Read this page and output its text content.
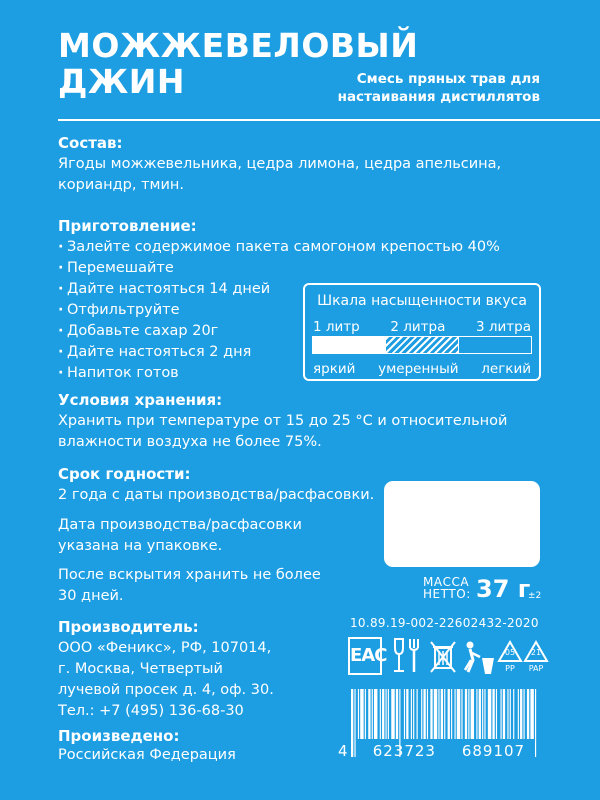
МОЖЖЕВЕЛОВЫЙ
ДЖИН	Смесь пряных трав для
настаивания дистиллятов
Состав:
Ягоды можжевельника, цедра лимона, цедра апельсина,
кориандр, тмин.
Приготовление:
· Залейте содержимое пакета самогоном крепостью 40%
· Перемешайте
· Дайте настояться 14 дней
· Отфильтруйте
· Добавьте сахар 20г
· Дайте настояться 2 дня
· Напиток готов
Шкала насыщенности вкуса
1 литр 2 литра 3 литра
яркий умеренный легкий
Условия хранения:
Хранить при температуре от 15 до 25 °С и относительной
влажности воздуха не более 75%.
Срок годности:
2 года с даты производства/расфасовки.
Дата производства/расфасовки
указана на упаковке.
После вскрытия хранить не более
30 дней.
МАССА
НЕТТО: 37 г
±2
10.89.19-002-22602432-2020
EAC	05
PP
21
PAP
Производитель:
ООО «Феникс», РФ, 107014,
г. Москва, Четвертый
лучевой просек д. 4, оф. 30.
Тел.: +7 (495) 136-68-30
Произведено:
Российская Федерация	4	623723	689107
